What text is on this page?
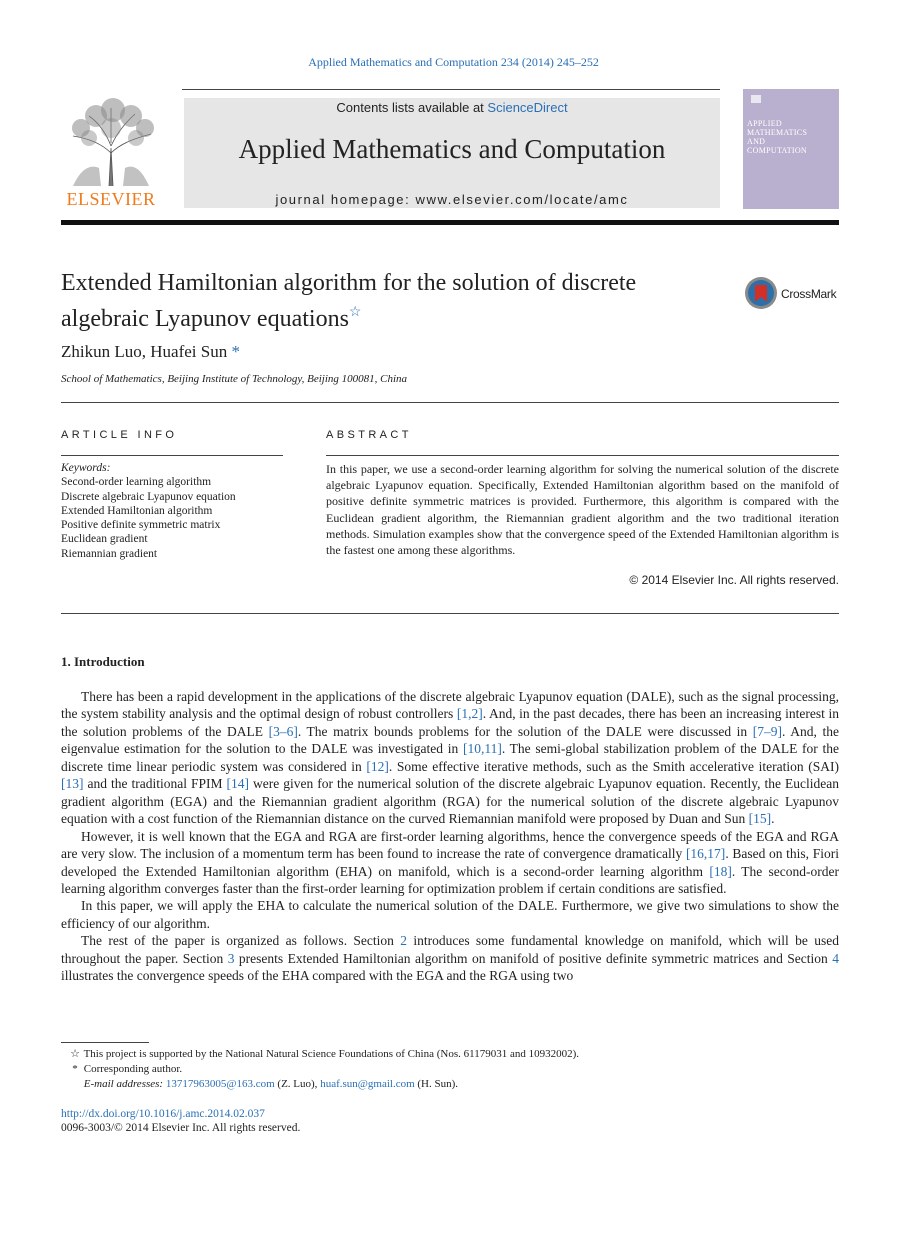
Applied Mathematics and Computation 234 (2014) 245–252
ELSEVIER
Contents lists available at ScienceDirect
Applied Mathematics and Computation
journal homepage: www.elsevier.com/locate/amc
APPLIED
MATHEMATICS
AND
COMPUTATION
Extended Hamiltonian algorithm for the solution of discrete
algebraic Lyapunov equations☆
CrossMark
Zhikun Luo, Huafei Sun *
School of Mathematics, Beijing Institute of Technology, Beijing 100081, China
ARTICLE INFO	ABSTRACT
Keywords:
Second-order learning algorithm
Discrete algebraic Lyapunov equation
Extended Hamiltonian algorithm
Positive definite symmetric matrix
Euclidean gradient
Riemannian gradient
In this paper, we use a second-order learning algorithm for solving the numerical solution of the discrete algebraic Lyapunov equation. Specifically, Extended Hamiltonian algorithm based on the manifold of positive definite symmetric matrices is provided. Furthermore, this algorithm is compared with the Euclidean gradient algorithm, the Riemannian gradient algorithm and the two traditional iteration methods. Simulation examples show that the convergence speed of the Extended Hamiltonian algorithm is the fastest one among these algorithms.
© 2014 Elsevier Inc. All rights reserved.
1. Introduction

There has been a rapid development in the applications of the discrete algebraic Lyapunov equation (DALE), such as the signal processing, the system stability analysis and the optimal design of robust controllers [1,2]. And, in the past decades, there has been an increasing interest in the solution problems of the DALE [3–6]. The matrix bounds problems for the solution of the DALE were discussed in [7–9]. And, the eigenvalue estimation for the solution to the DALE was investigated in [10,11]. The semi-global stabilization problem of the DALE for the discrete time linear periodic system was considered in [12]. Some effective iterative methods, such as the Smith accelerative iteration (SAI) [13] and the traditional FPIM [14] were given for the numerical solution of the discrete algebraic Lyapunov equation. Recently, the Euclidean gradient algorithm (EGA) and the Riemannian gradient algorithm (RGA) for the numerical solution of the discrete algebraic Lyapunov equation with a cost function of the Riemannian distance on the curved Riemannian manifold were proposed by Duan and Sun [15].

However, it is well known that the EGA and RGA are first-order learning algorithms, hence the convergence speeds of the EGA and RGA are very slow. The inclusion of a momentum term has been found to increase the rate of convergence dramatically [16,17]. Based on this, Fiori developed the Extended Hamiltonian algorithm (EHA) on manifold, which is a second-order learning algorithm [18]. The second-order learning algorithm converges faster than the first-order learning for optimization problem if certain conditions are satisfied.

In this paper, we will apply the EHA to calculate the numerical solution of the DALE. Furthermore, we give two simulations to show the efficiency of our algorithm.

The rest of the paper is organized as follows. Section 2 introduces some fundamental knowledge on manifold, which will be used throughout the paper. Section 3 presents Extended Hamiltonian algorithm on manifold of positive definite symmetric matrices and Section 4 illustrates the convergence speeds of the EHA compared with the EGA and the RGA using two

☆ This project is supported by the National Natural Science Foundations of China (Nos. 61179031 and 10932002).
* Corresponding author.
E-mail addresses: 13717963005@163.com (Z. Luo), huaf.sun@gmail.com (H. Sun).
http://dx.doi.org/10.1016/j.amc.2014.02.037
0096-3003/© 2014 Elsevier Inc. All rights reserved.
